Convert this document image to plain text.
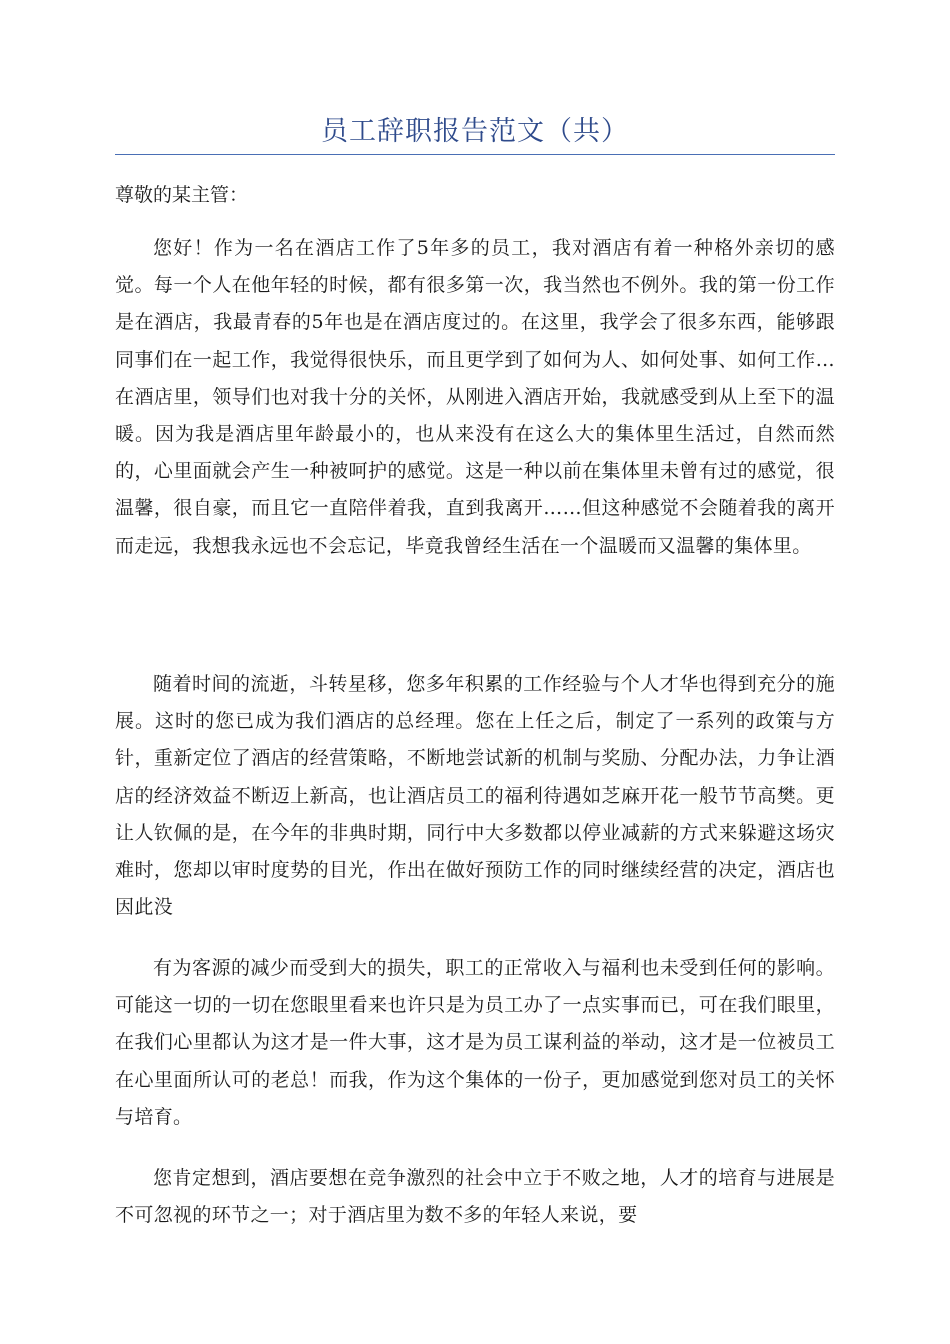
员工辞职报告范文（共）

尊敬的某主管：

您好！作为一名在酒店工作了5年多的员工，我对酒店有着一种格外亲切的感觉。每一个人在他年轻的时候，都有很多第一次，我当然也不例外。我的第一份工作是在酒店，我最青春的5年也是在酒店度过的。在这里，我学会了很多东西，能够跟同事们在一起工作，我觉得很快乐，而且更学到了如何为人、如何处事、如何工作…在酒店里，领导们也对我十分的关怀，从刚进入酒店开始，我就感受到从上至下的温暖。因为我是酒店里年龄最小的，也从来没有在这么大的集体里生活过，自然而然的，心里面就会产生一种被呵护的感觉。这是一种以前在集体里未曾有过的感觉，很温馨，很自豪，而且它一直陪伴着我，直到我离开……但这种感觉不会随着我的离开而走远，我想我永远也不会忘记，毕竟我曾经生活在一个温暖而又温馨的集体里。

随着时间的流逝，斗转星移，您多年积累的工作经验与个人才华也得到充分的施展。这时的您已成为我们酒店的总经理。您在上任之后，制定了一系列的政策与方针，重新定位了酒店的经营策略，不断地尝试新的机制与奖励、分配办法，力争让酒店的经济效益不断迈上新高，也让酒店员工的福利待遇如芝麻开花一般节节高樊。更让人钦佩的是，在今年的非典时期，同行中大多数都以停业减薪的方式来躲避这场灾难时，您却以审时度势的目光，作出在做好预防工作的同时继续经营的决定，酒店也因此没

有为客源的减少而受到大的损失，职工的正常收入与福利也未受到任何的影响。可能这一切的一切在您眼里看来也许只是为员工办了一点实事而已，可在我们眼里，在我们心里都认为这才是一件大事，这才是为员工谋利益的举动，这才是一位被员工在心里面所认可的老总！而我，作为这个集体的一份子，更加感觉到您对员工的关怀与培育。

您肯定想到，酒店要想在竞争激烈的社会中立于不败之地，人才的培育与进展是不可忽视的环节之一；对于酒店里为数不多的年轻人来说，要
